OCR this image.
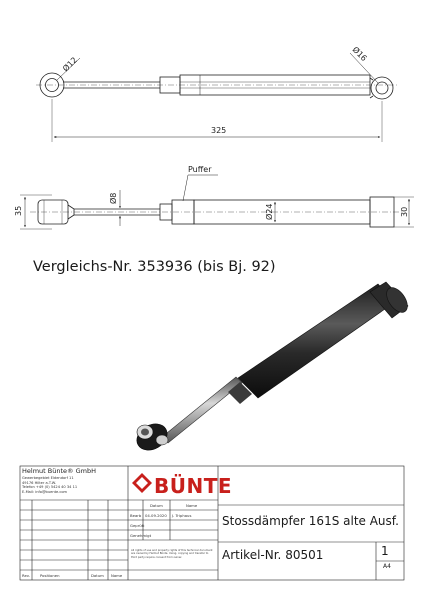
Ø12
Ø16
325
35
Ø8
Puffer
Ø24	30
Vergleichs-Nr. 353936 (bis Bj. 92)
Helmut Bünte® GmbH
Gewerbegebiet Eldendorf 11
49176 Hilter a.T.W.
Telefon +49 (0) 5424 40 34 11
E-Mail: info@buente.com	BÜNTE
Datum	Name
Bearb 04.09.2020 J. Triphaus
Geprüft
Genehmigt
All rights of use and property rights of this technical document are owned by Helmut Bünte. Using, copying and transfer to third party require consent from owner.
Stossdämpfer 161S alte Ausf.
Artikel-Nr. 80501	1
A4
Rev.	Positionen	Datum Name
